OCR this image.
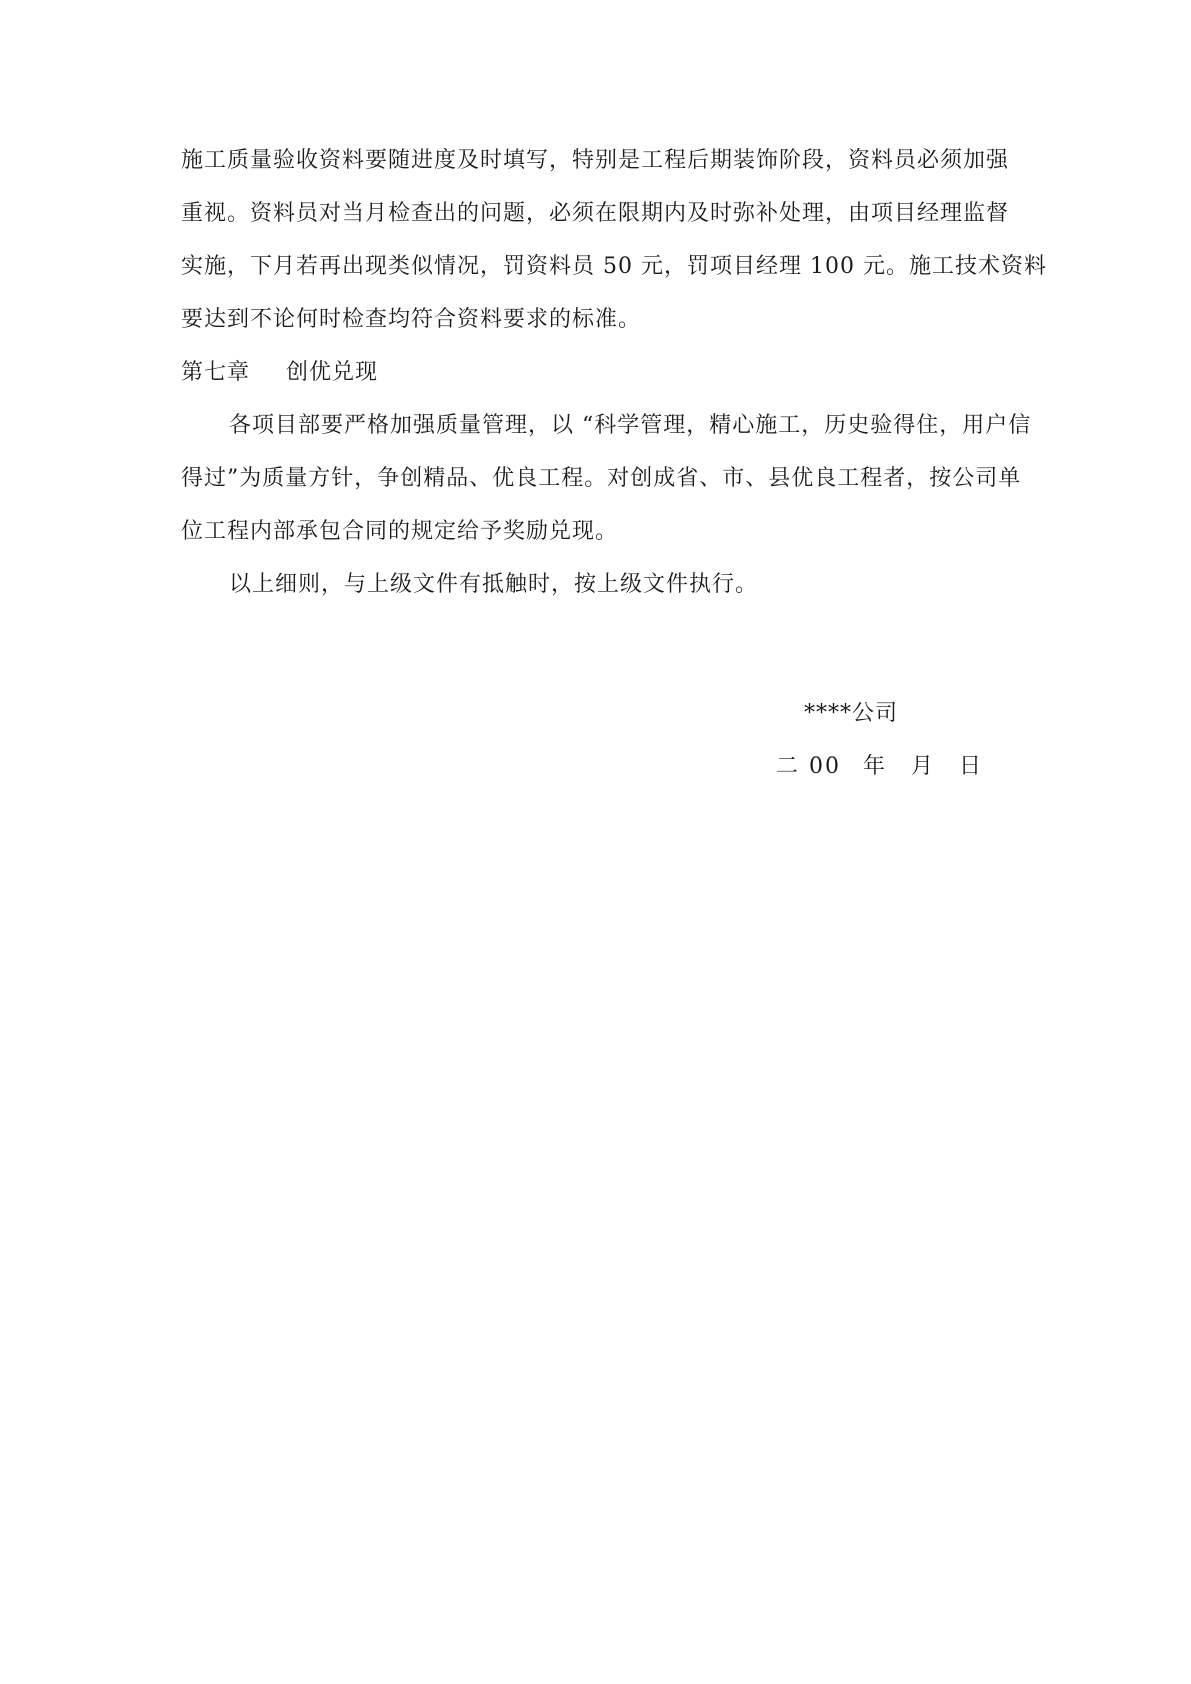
施工质量验收资料要随进度及时填写，特别是工程后期装饰阶段，资料员必须加强
重视。资料员对当月检查出的问题，必须在限期内及时弥补处理，由项目经理监督
实施，下月若再出现类似情况，罚资料员 50 元，罚项目经理 100 元。施工技术资料
要达到不论何时检查均符合资料要求的标准。
第七章 创优兑现
各项目部要严格加强质量管理，以 “科学管理，精心施工，历史验得住，用户信
得过”为质量方针，争创精品、优良工程。对创成省、市、县优良工程者，按公司单
位工程内部承包合同的规定给予奖励兑现。
以上细则，与上级文件有抵触时，按上级文件执行。
****公司
二 00 年 月 日
